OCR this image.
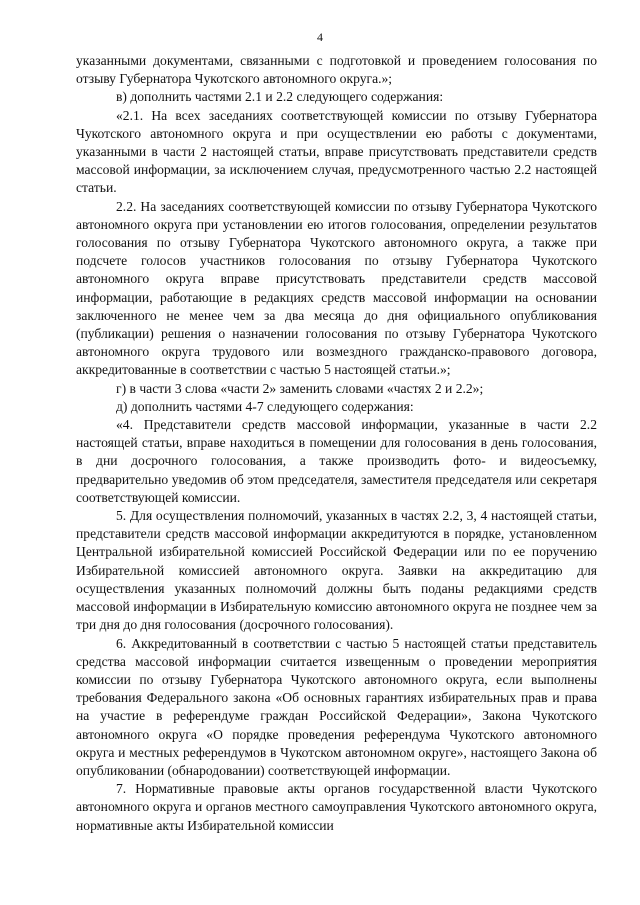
4

указанными документами, связанными с подготовкой и проведением голосования по отзыву Губернатора Чукотского автономного округа.»;

в) дополнить частями 2.1 и 2.2 следующего содержания:

«2.1. На всех заседаниях соответствующей комиссии по отзыву Губернатора Чукотского автономного округа и при осуществлении ею работы с документами, указанными в части 2 настоящей статьи, вправе присутствовать представители средств массовой информации, за исключением случая, предусмотренного частью 2.2 настоящей статьи.

2.2. На заседаниях соответствующей комиссии по отзыву Губернатора Чукотского автономного округа при установлении ею итогов голосования, определении результатов голосования по отзыву Губернатора Чукотского автономного округа, а также при подсчете голосов участников голосования по отзыву Губернатора Чукотского автономного округа вправе присутствовать представители средств массовой информации, работающие в редакциях средств массовой информации на основании заключенного не менее чем за два месяца до дня официального опубликования (публикации) решения о назначении голосования по отзыву Губернатора Чукотского автономного округа трудового или возмездного гражданско-правового договора, аккредитованные в соответствии с частью 5 настоящей статьи.»;

г) в части 3 слова «части 2» заменить словами «частях 2 и 2.2»;

д) дополнить частями 4-7 следующего содержания:

«4. Представители средств массовой информации, указанные в части 2.2 настоящей статьи, вправе находиться в помещении для голосования в день голосования, в дни досрочного голосования, а также производить фото- и видеосъемку, предварительно уведомив об этом председателя, заместителя председателя или секретаря соответствующей комиссии.

5. Для осуществления полномочий, указанных в частях 2.2, 3, 4 настоящей статьи, представители средств массовой информации аккредитуются в порядке, установленном Центральной избирательной комиссией Российской Федерации или по ее поручению Избирательной комиссией автономного округа. Заявки на аккредитацию для осуществления указанных полномочий должны быть поданы редакциями средств массовой информации в Избирательную комиссию автономного округа не позднее чем за три дня до дня голосования (досрочного голосования).

6. Аккредитованный в соответствии с частью 5 настоящей статьи представитель средства массовой информации считается извещенным о проведении мероприятия комиссии по отзыву Губернатора Чукотского автономного округа, если выполнены требования Федерального закона «Об основных гарантиях избирательных прав и права на участие в референдуме граждан Российской Федерации», Закона Чукотского автономного округа «О порядке проведения референдума Чукотского автономного округа и местных референдумов в Чукотском автономном округе», настоящего Закона об опубликовании (обнародовании) соответствующей информации.

7. Нормативные правовые акты органов государственной власти Чукотского автономного округа и органов местного самоуправления Чукотского автономного округа, нормативные акты Избирательной комиссии
